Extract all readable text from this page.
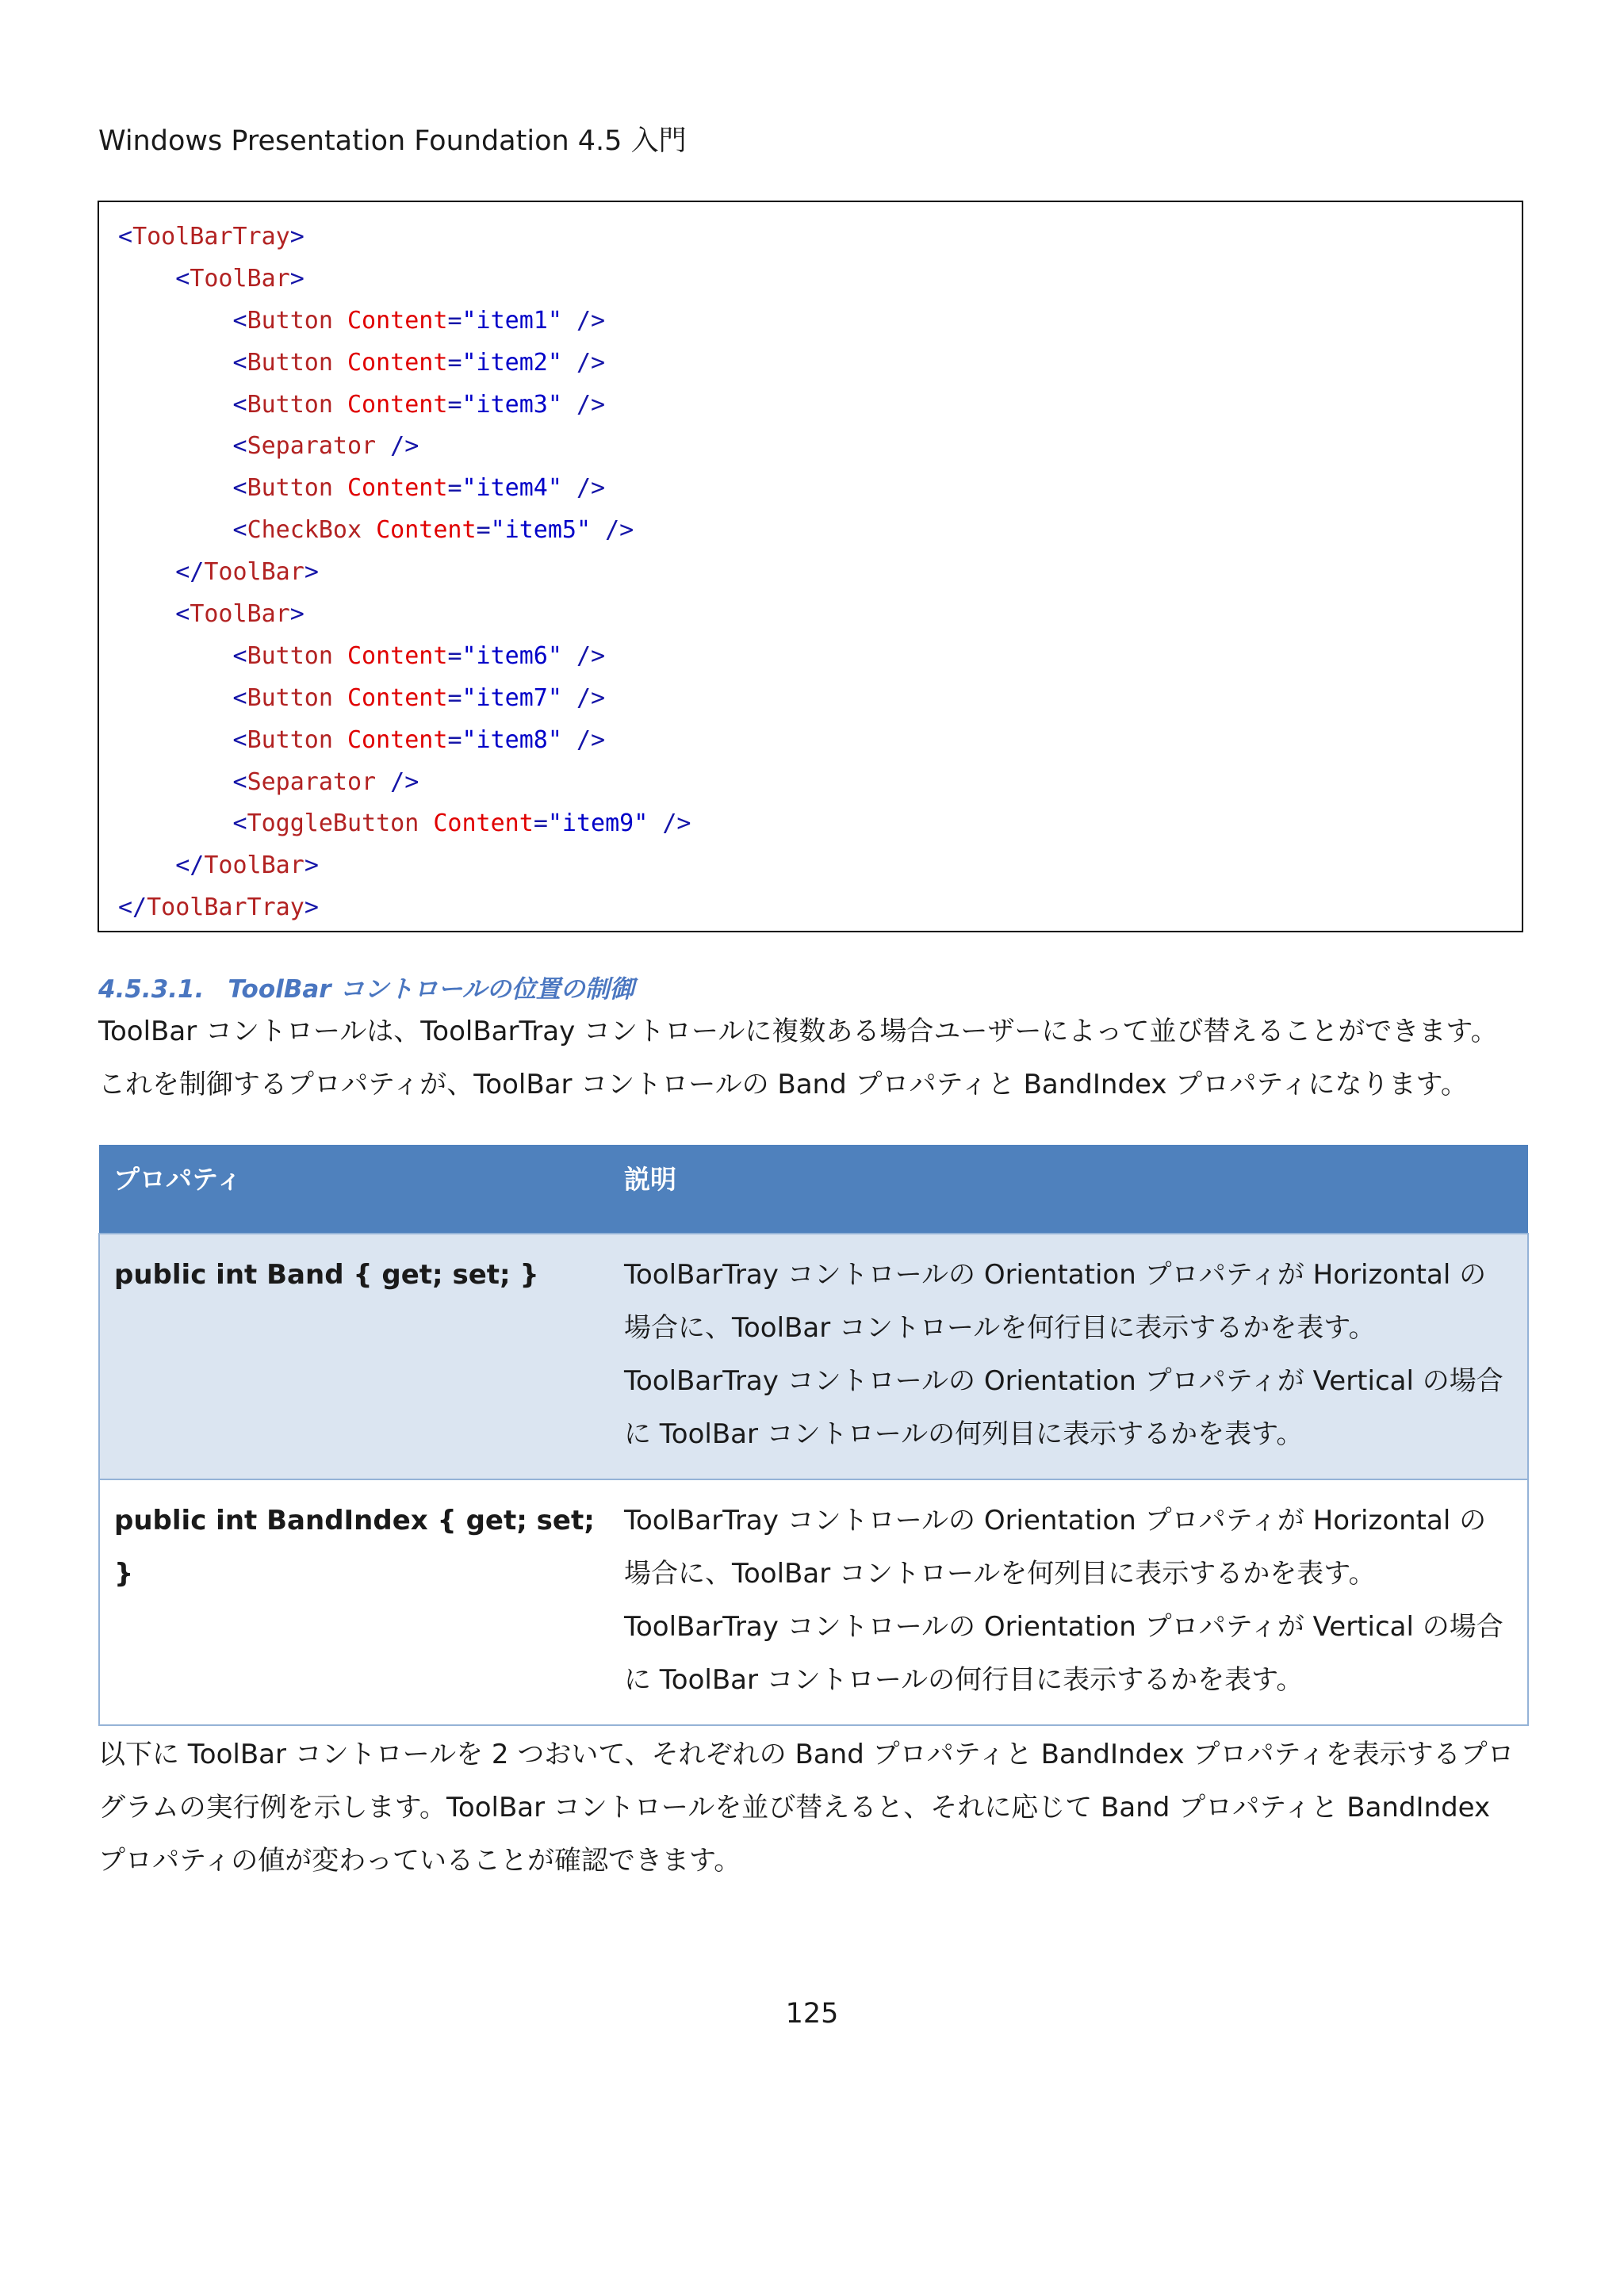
Windows Presentation Foundation 4.5 入門
<ToolBarTray>
<ToolBar>
<Button Content="item1" />
<Button Content="item2" />
<Button Content="item3" />
<Separator />
<Button Content="item4" />
<CheckBox Content="item5" />
</ToolBar>
<ToolBar>
<Button Content="item6" />
<Button Content="item7" />
<Button Content="item8" />
<Separator />
<ToggleButton Content="item9" />
</ToolBar>
</ToolBarTray>
4.5.3.1. ToolBar コントロールの位置の制御

ToolBar コントロールは、ToolBarTray コントロールに複数ある場合ユーザーによって並び替えることができます。

これを制御するプロパティが、ToolBar コントロールの Band プロパティと BandIndex プロパティになります。

プロパティ	説明
public int Band { get; set; }	ToolBarTray コントロールの Orientation プロパティが Horizontal の

場合に、ToolBar コントロールを何行目に表示するかを表す。

ToolBarTray コントロールの Orientation プロパティが Vertical の場合

に ToolBar コントロールの何列目に表示するかを表す。

public int BandIndex { get; set; }	ToolBarTray コントロールの Orientation プロパティが Horizontal の

場合に、ToolBar コントロールを何列目に表示するかを表す。

ToolBarTray コントロールの Orientation プロパティが Vertical の場合

に ToolBar コントロールの何行目に表示するかを表す。

以下に ToolBar コントロールを 2 つおいて、それぞれの Band プロパティと BandIndex プロパティを表示するプロ

グラムの実行例を示します。ToolBar コントロールを並び替えると、それに応じて Band プロパティと BandIndex

プロパティの値が変わっていることが確認できます。

125
